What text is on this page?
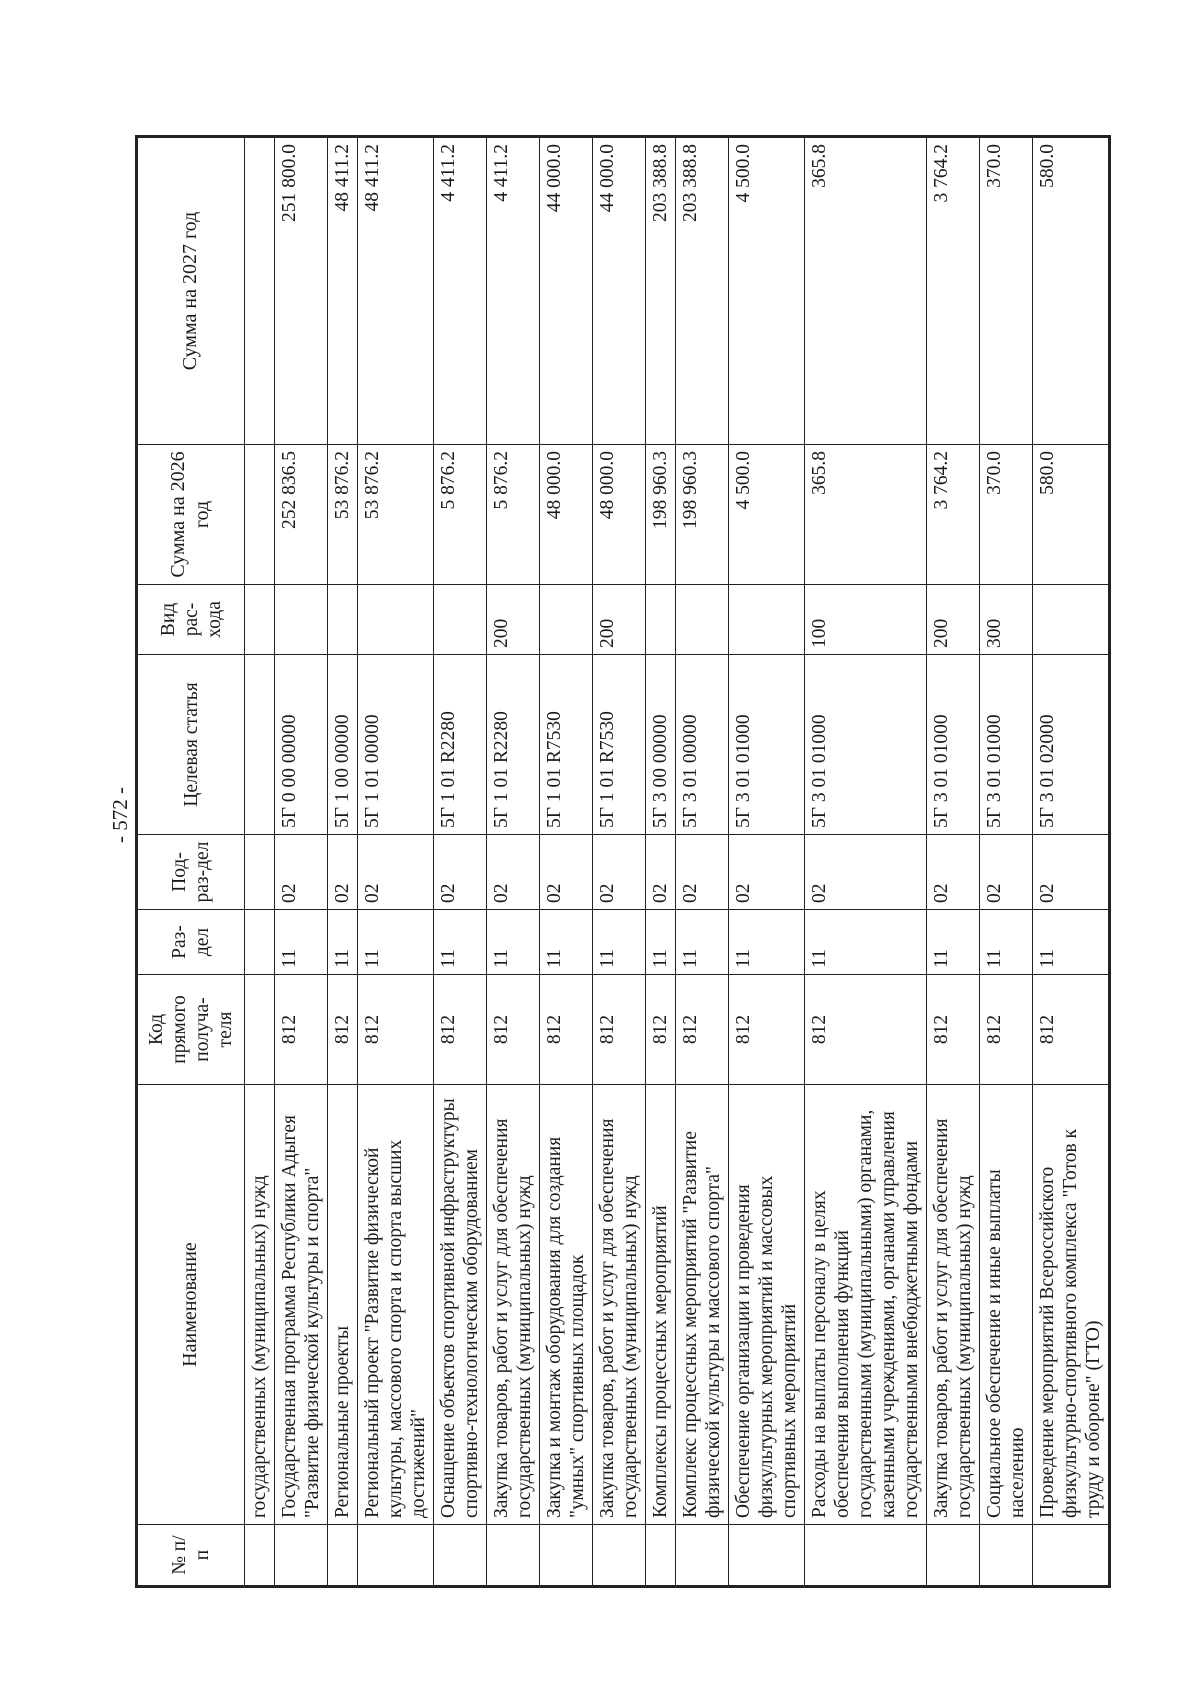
- 572 -
№ п/п	Наименование	Код прямого получа-теля	Раз-дел	Под-раз-дел	Целевая статья	Вид рас-хода	Сумма на 2026 год	Сумма на 2027 год
	государственных (муниципальных) нужд							
	Государственная программа Республики Адыгея "Развитие физической культуры и спорта"	812	11	02	5Г 0 00 00000		252 836.5	251 800.0
	Региональные проекты	812	11	02	5Г 1 00 00000		53 876.2	48 411.2
	Региональный проект "Развитие физической культуры, массового спорта и спорта высших достижений"	812	11	02	5Г 1 01 00000		53 876.2	48 411.2
	Оснащение объектов спортивной инфраструктуры спортивно-технологическим оборудованием	812	11	02	5Г 1 01 R2280		5 876.2	4 411.2
	Закупка товаров, работ и услуг для обеспечения государственных (муниципальных) нужд	812	11	02	5Г 1 01 R2280	200	5 876.2	4 411.2
	Закупка и монтаж оборудования для создания "умных" спортивных площадок	812	11	02	5Г 1 01 R7530		48 000.0	44 000.0
	Закупка товаров, работ и услуг для обеспечения государственных (муниципальных) нужд	812	11	02	5Г 1 01 R7530	200	48 000.0	44 000.0
	Комплексы процессных мероприятий	812	11	02	5Г 3 00 00000		198 960.3	203 388.8
	Комплекс процессных мероприятий "Развитие физической культуры и массового спорта"	812	11	02	5Г 3 01 00000		198 960.3	203 388.8
	Обеспечение организации и проведения физкультурных мероприятий и массовых спортивных мероприятий	812	11	02	5Г 3 01 01000		4 500.0	4 500.0
	Расходы на выплаты персоналу в целях обеспечения выполнения функций государственными (муниципальными) органами, казенными учреждениями, органами управления государственными внебюджетными фондами	812	11	02	5Г 3 01 01000	100	365.8	365.8
	Закупка товаров, работ и услуг для обеспечения государственных (муниципальных) нужд	812	11	02	5Г 3 01 01000	200	3 764.2	3 764.2
	Социальное обеспечение и иные выплаты населению	812	11	02	5Г 3 01 01000	300	370.0	370.0
	Проведение мероприятий Всероссийского физкультурно-спортивного комплекса "Готов к труду и обороне" (ГТО)	812	11	02	5Г 3 01 02000		580.0	580.0
